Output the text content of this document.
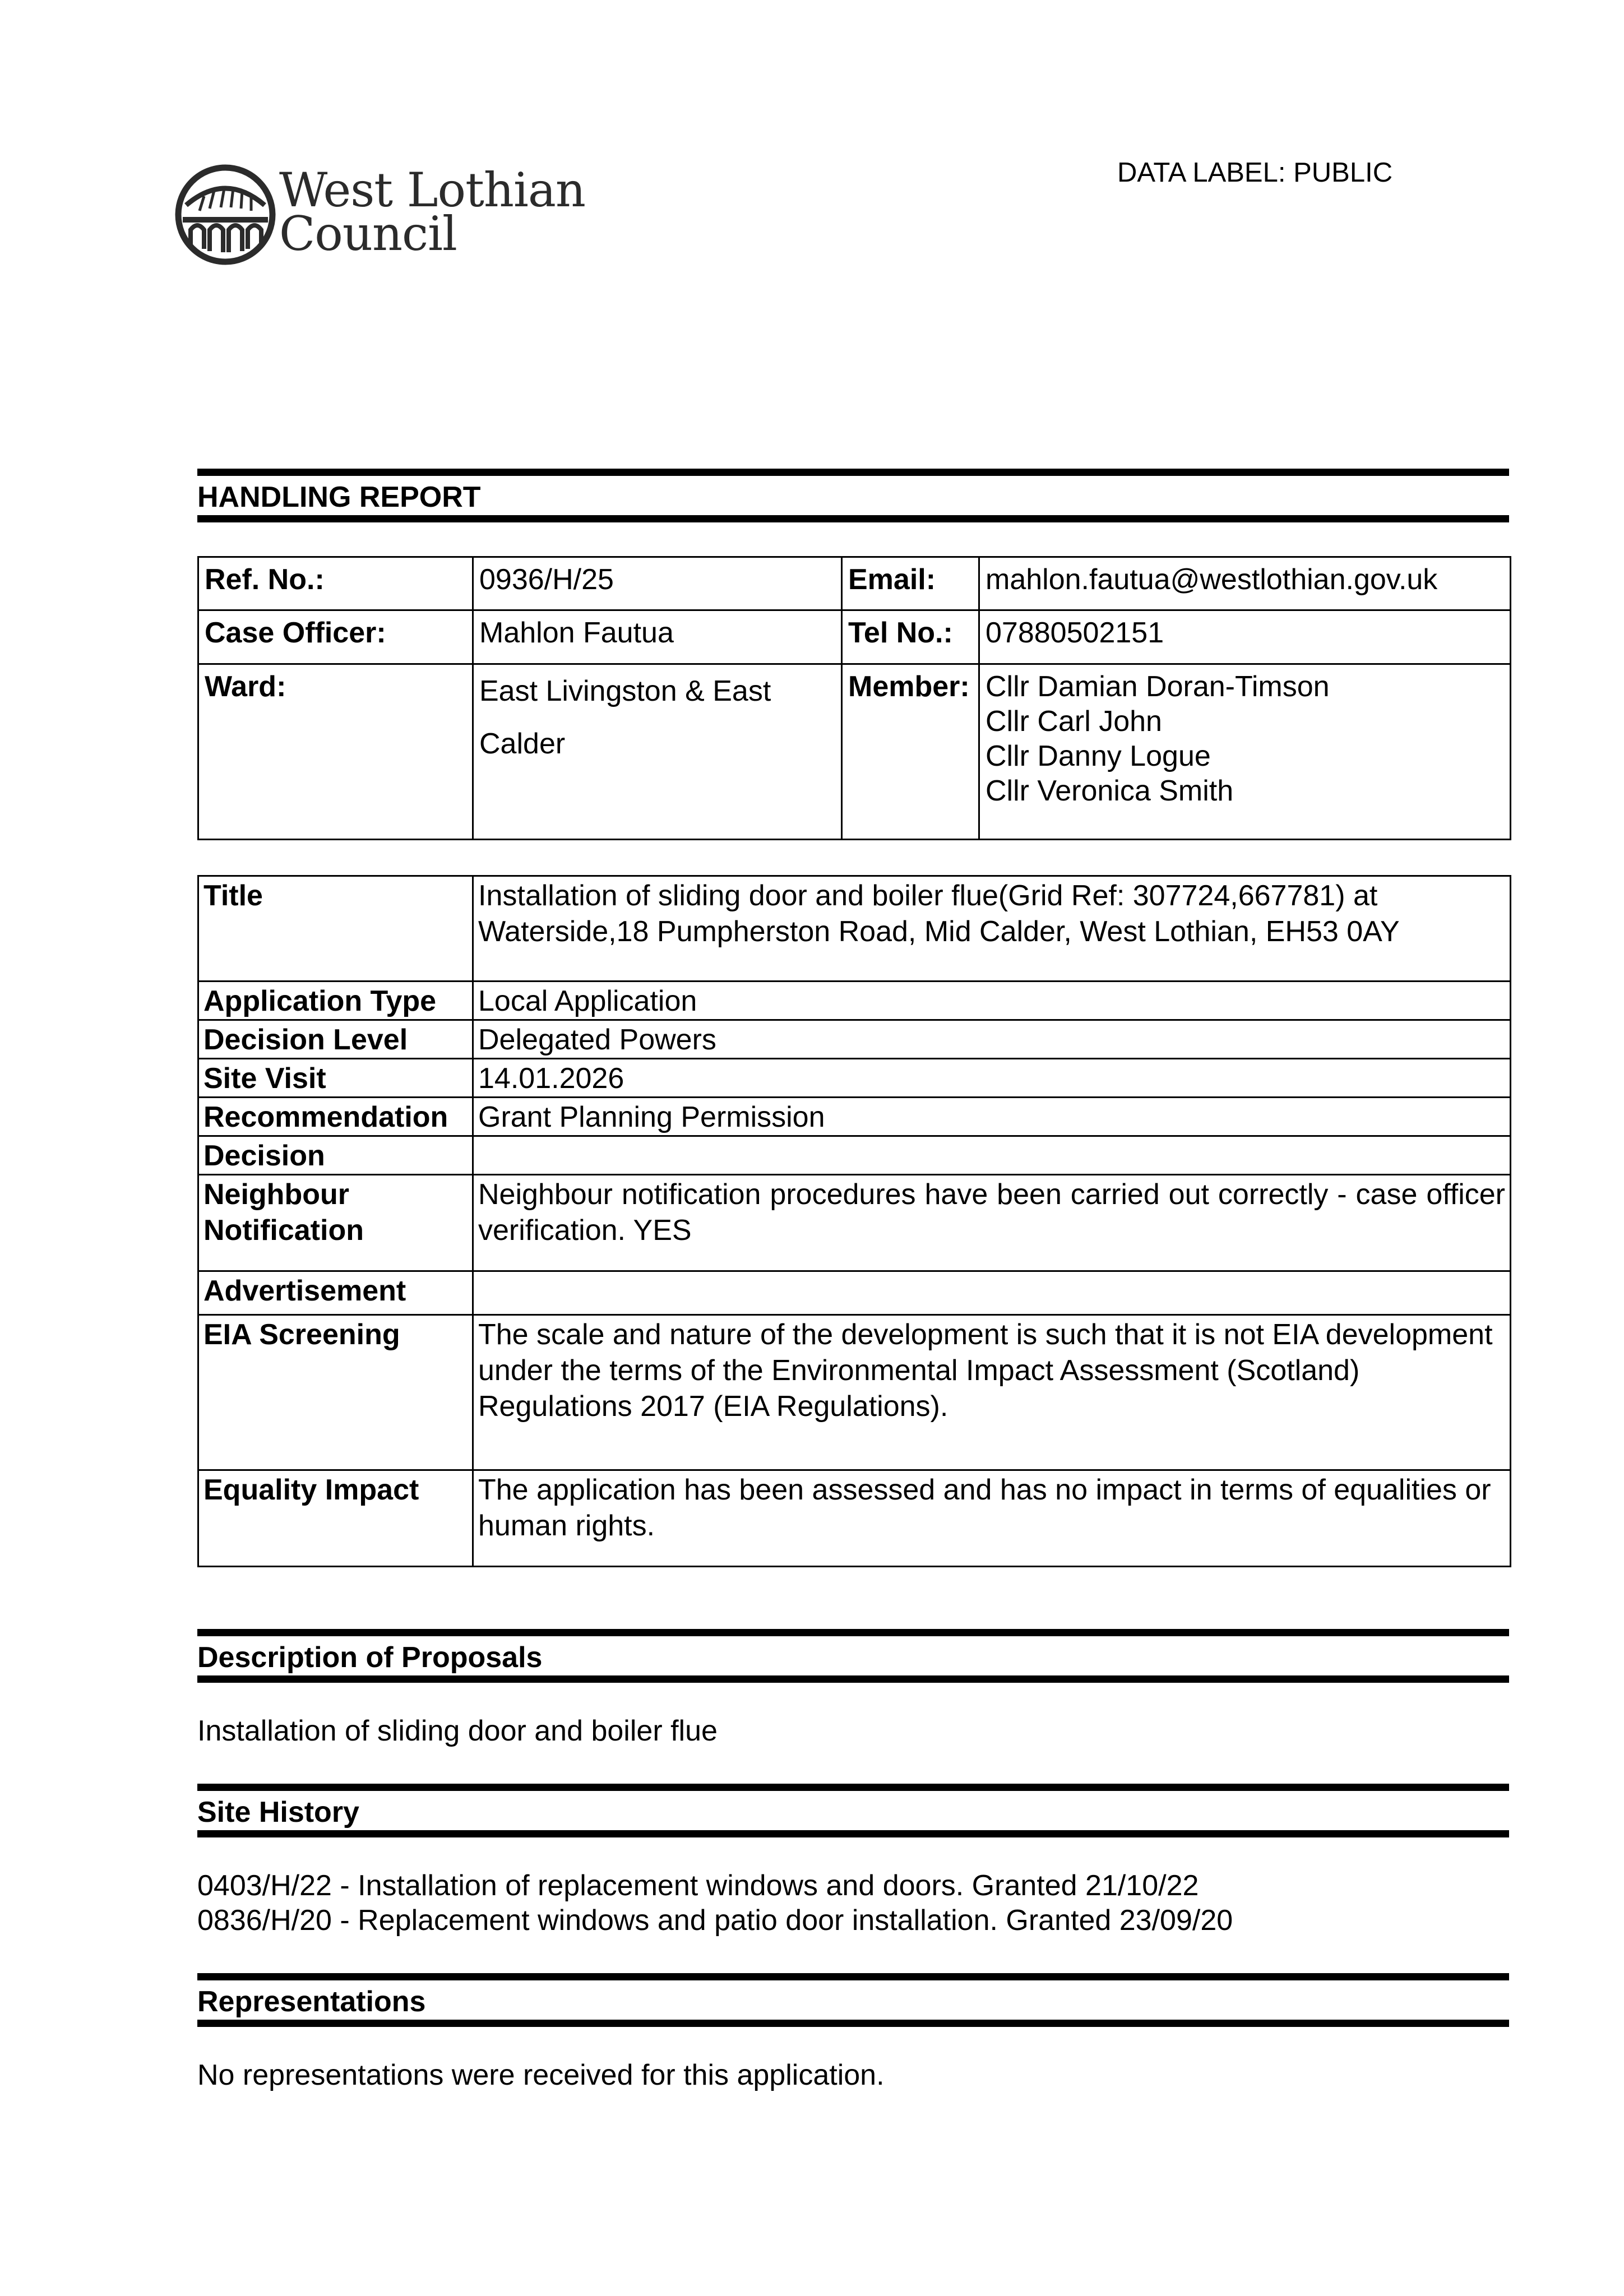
West Lothian
Council
DATA LABEL: PUBLIC
HANDLING REPORT
Ref. No.:	0936/H/25	Email:	mahlon.fautua@westlothian.gov.uk
Case Officer:	Mahlon Fautua	Tel No.:	07880502151
Ward:	East Livingston & East Calder	Member:	Cllr Damian Doran-Timson
Cllr Carl John
Cllr Danny Logue
Cllr Veronica Smith
Title	Installation of sliding door and boiler flue(Grid Ref: 307724,667781) at Waterside,18 Pumpherston Road, Mid Calder, West Lothian, EH53 0AY
Application Type	Local Application
Decision Level	Delegated Powers
Site Visit	14.01.2026
Recommendation	Grant Planning Permission
Decision	
Neighbour Notification	Neighbour notification procedures have been carried out correctly - case officer verification. YES
Advertisement	
EIA Screening	The scale and nature of the development is such that it is not EIA development under the terms of the Environmental Impact Assessment (Scotland) Regulations 2017 (EIA Regulations).
Equality Impact	The application has been assessed and has no impact in terms of equalities or human rights.
Description of Proposals
Installation of sliding door and boiler flue
Site History
0403/H/22 - Installation of replacement windows and doors. Granted 21/10/22
0836/H/20 - Replacement windows and patio door installation. Granted 23/09/20
Representations
No representations were received for this application.
